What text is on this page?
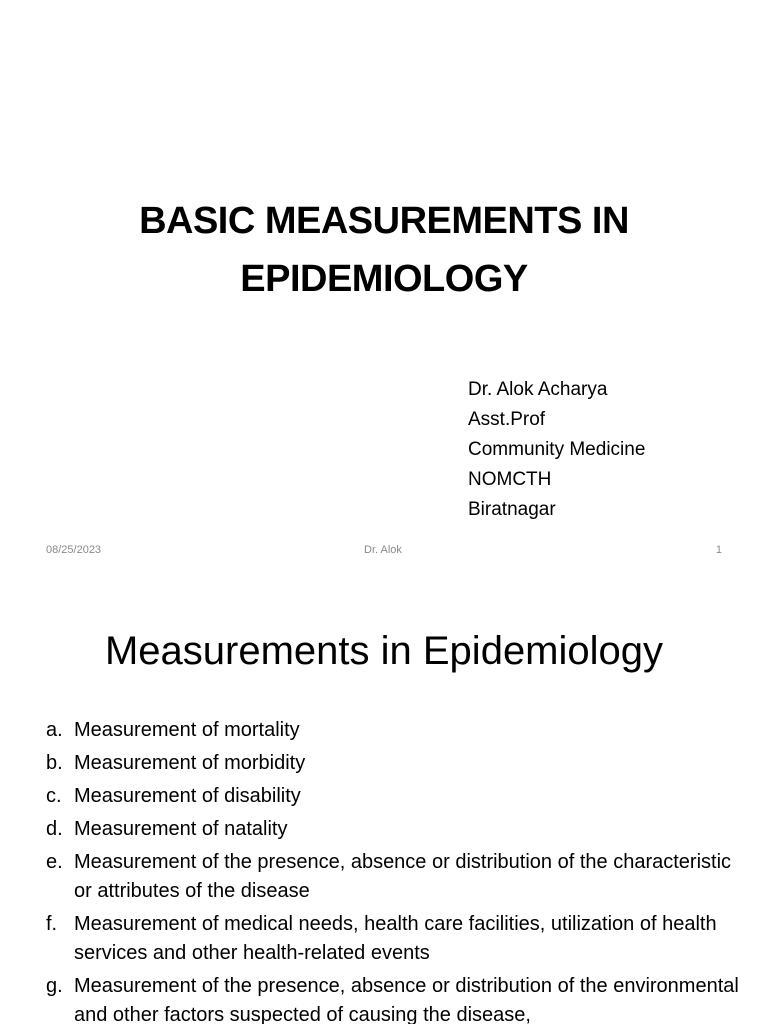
BASIC MEASUREMENTS IN
EPIDEMIOLOGY
Dr. Alok Acharya
Asst.Prof
Community Medicine
NOMCTH
Biratnagar
08/25/2023	Dr. Alok	1
Measurements in Epidemiology
a. Measurement of mortality
b. Measurement of morbidity
c. Measurement of disability
d. Measurement of natality
e. Measurement of the presence, absence or distribution of the characteristic or attributes of the disease
f. Measurement of medical needs, health care facilities, utilization of health services and other health-related events
g. Measurement of the presence, absence or distribution of the environmental and other factors suspected of causing the disease,
